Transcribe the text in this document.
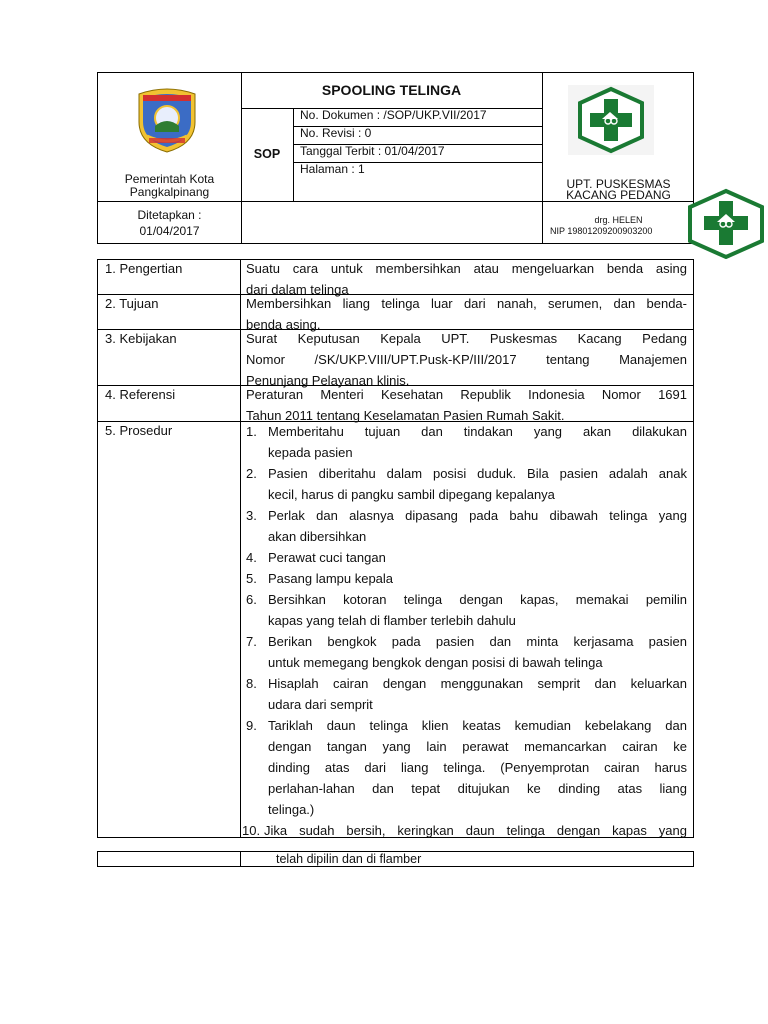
Pemerintah Kota
Pangkalpinang
SPOOLING TELINGA
SOP
No. Dokumen : /SOP/UKP.VII/2017
No. Revisi : 0
Tanggal Terbit : 01/04/2017
Halaman : 1
UPT. PUSKESMAS
KACANG PEDANG
Ditetapkan :
01/04/2017
drg. HELEN
NIP 19801209200903200
1. Pengertian	Suatu cara untuk membersihkan atau mengeluarkan benda asing
dari dalam telinga
2. Tujuan	Membersihkan liang telinga luar dari nanah, serumen, dan benda-
benda asing.
3. Kebijakan	Surat Keputusan Kepala UPT. Puskesmas Kacang Pedang
Nomor /SK/UKP.VIII/UPT.Pusk-KP/III/2017 tentang Manajemen
Penunjang Pelayanan klinis.
4. Referensi	Peraturan Menteri Kesehatan Republik Indonesia Nomor 1691
Tahun 2011 tentang Keselamatan Pasien Rumah Sakit.
5. Prosedur	1. Memberitahu tujuan dan tindakan yang akan dilakukan
kepada pasien
2. Pasien diberitahu dalam posisi duduk. Bila pasien adalah anak
kecil, harus di pangku sambil dipegang kepalanya
3. Perlak dan alasnya dipasang pada bahu dibawah telinga yang
akan dibersihkan
4. Perawat cuci tangan
5. Pasang lampu kepala
6. Bersihkan kotoran telinga dengan kapas, memakai pemilin
kapas yang telah di flamber terlebih dahulu
7. Berikan bengkok pada pasien dan minta kerjasama pasien
untuk memegang bengkok dengan posisi di bawah telinga
8. Hisaplah cairan dengan menggunakan semprit dan keluarkan
udara dari semprit
9. Tariklah daun telinga klien keatas kemudian kebelakang dan
dengan tangan yang lain perawat memancarkan cairan ke
dinding atas dari liang telinga. (Penyemprotan cairan harus
perlahan-lahan dan tepat ditujukan ke dinding atas liang
telinga.)
10. Jika sudah bersih, keringkan daun telinga dengan kapas yang
telah dipilin dan di flamber
